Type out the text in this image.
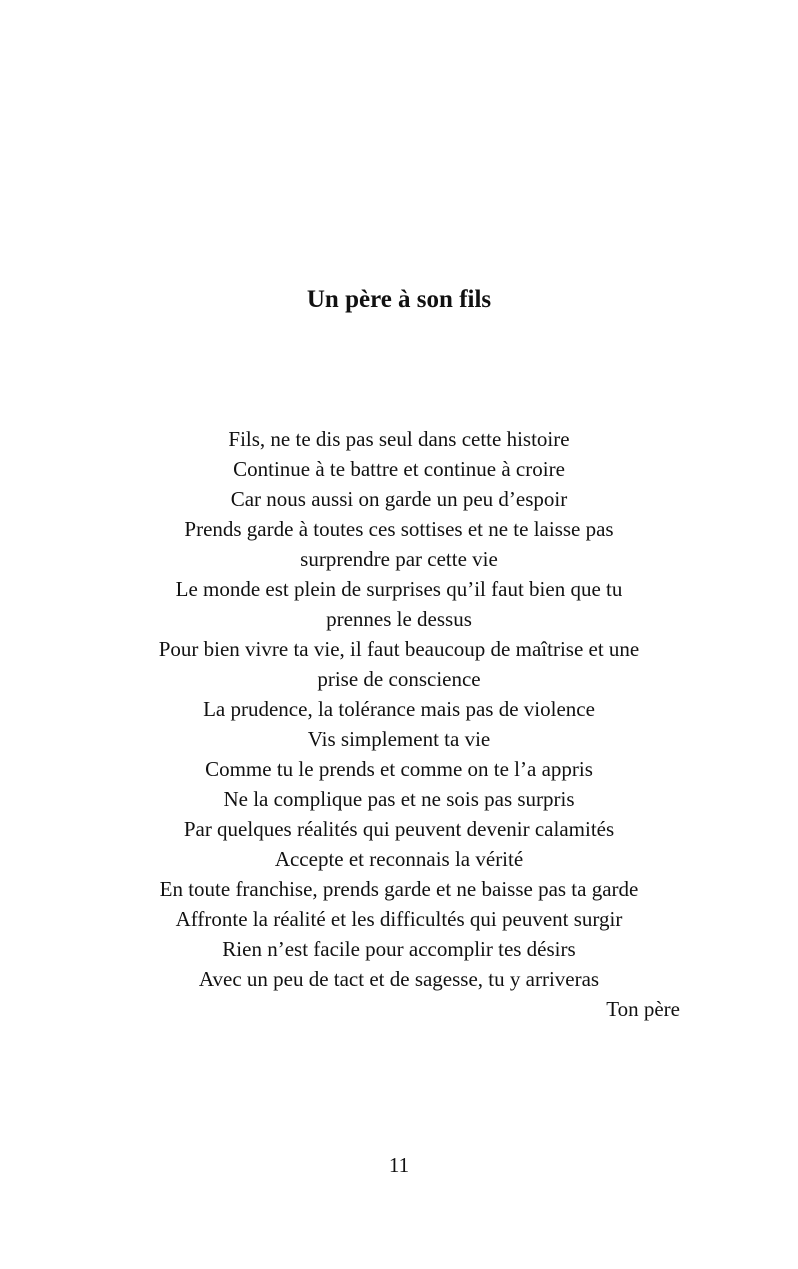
Un père à son fils
Fils, ne te dis pas seul dans cette histoire
Continue à te battre et continue à croire
Car nous aussi on garde un peu d’espoir
Prends garde à toutes ces sottises et ne te laisse pas
surprendre par cette vie
Le monde est plein de surprises qu’il faut bien que tu
prennes le dessus
Pour bien vivre ta vie, il faut beaucoup de maîtrise et une
prise de conscience
La prudence, la tolérance mais pas de violence
Vis simplement ta vie
Comme tu le prends et comme on te l’a appris
Ne la complique pas et ne sois pas surpris
Par quelques réalités qui peuvent devenir calamités
Accepte et reconnais la vérité
En toute franchise, prends garde et ne baisse pas ta garde
Affronte la réalité et les difficultés qui peuvent surgir
Rien n’est facile pour accomplir tes désirs
Avec un peu de tact et de sagesse, tu y arriveras

Ton père

11
